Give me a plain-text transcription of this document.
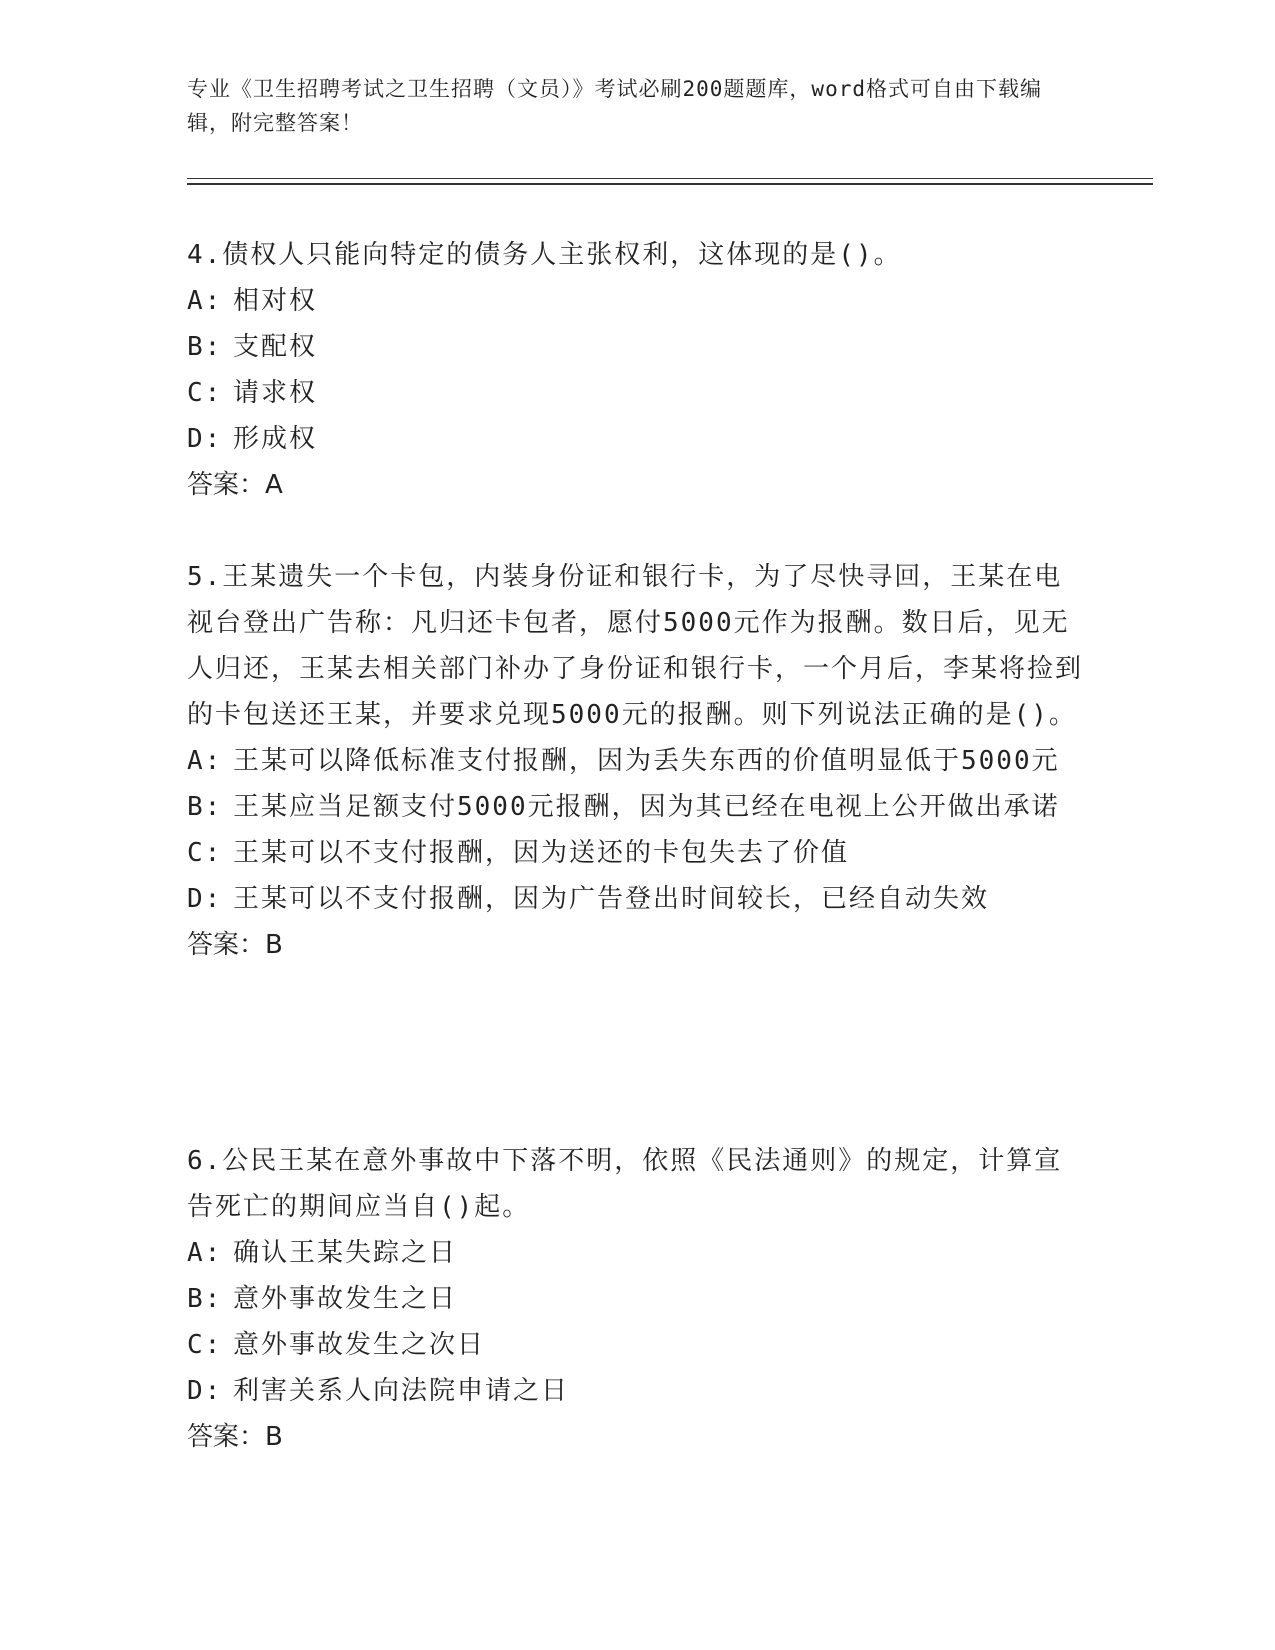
专业《卫生招聘考试之卫生招聘（文员）》考试必刷200题题库，word格式可自由下载编辑，附完整答案！

4.债权人只能向特定的债务人主张权利，这体现的是()。

A: 相对权

B: 支配权

C: 请求权

D: 形成权

答案：A

5.王某遗失一个卡包，内装身份证和银行卡，为了尽快寻回，王某在电视台登出广告称：凡归还卡包者，愿付5000元作为报酬。数日后，见无人归还，王某去相关部门补办了身份证和银行卡，一个月后，李某将捡到的卡包送还王某，并要求兑现5000元的报酬。则下列说法正确的是()。

A: 王某可以降低标准支付报酬，因为丢失东西的价值明显低于5000元

B: 王某应当足额支付5000元报酬，因为其已经在电视上公开做出承诺

C: 王某可以不支付报酬，因为送还的卡包失去了价值

D: 王某可以不支付报酬，因为广告登出时间较长，已经自动失效

答案：B

6.公民王某在意外事故中下落不明，依照《民法通则》的规定，计算宣告死亡的期间应当自()起。

A: 确认王某失踪之日

B: 意外事故发生之日

C: 意外事故发生之次日

D: 利害关系人向法院申请之日

答案：B
